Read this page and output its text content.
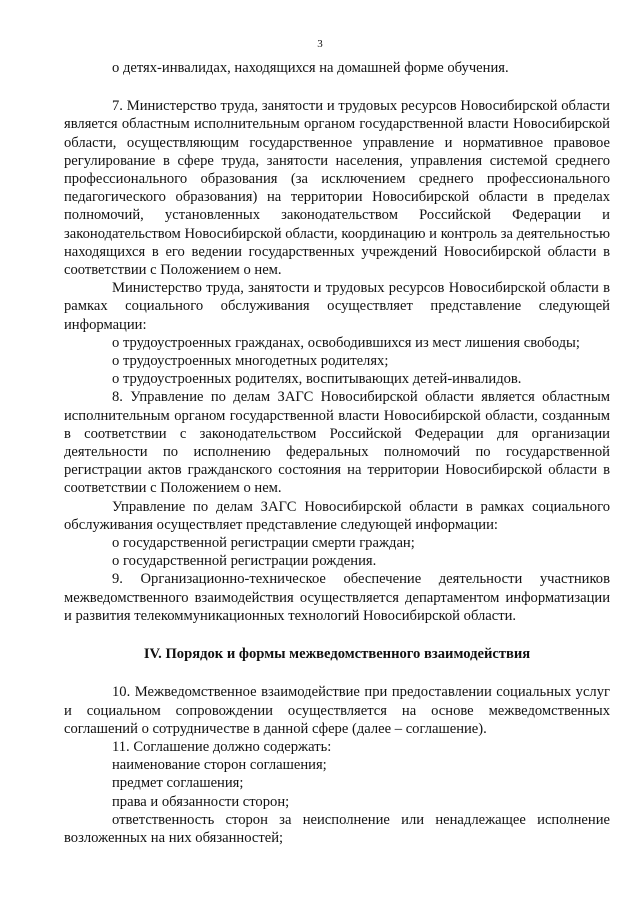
3

о детях-инвалидах, находящихся на домашней форме обучения.

7. Министерство труда, занятости и трудовых ресурсов Новосибирской области является областным исполнительным органом государственной власти Новосибирской области, осуществляющим государственное управление и нормативное правовое регулирование в сфере труда, занятости населения, управления системой среднего профессионального образования (за исключением среднего профессионального педагогического образования) на территории Новосибирской области в пределах полномочий, установленных законодательством Российской Федерации и законодательством Новосибирской области, координацию и контроль за деятельностью находящихся в его ведении государственных учреждений Новосибирской области в соответствии с Положением о нем.

Министерство труда, занятости и трудовых ресурсов Новосибирской области в рамках социального обслуживания осуществляет представление следующей информации:

о трудоустроенных гражданах, освободившихся из мест лишения свободы;

о трудоустроенных многодетных родителях;

о трудоустроенных родителях, воспитывающих детей-инвалидов.

8. Управление по делам ЗАГС Новосибирской области является областным исполнительным органом государственной власти Новосибирской области, созданным в соответствии с законодательством Российской Федерации для организации деятельности по исполнению федеральных полномочий по государственной регистрации актов гражданского состояния на территории Новосибирской области в соответствии с Положением о нем.

Управление по делам ЗАГС Новосибирской области в рамках социального обслуживания осуществляет представление следующей информации:

о государственной регистрации смерти граждан;

о государственной регистрации рождения.

9. Организационно-техническое обеспечение деятельности участников межведомственного взаимодействия осуществляется департаментом информатизации и развития телекоммуникационных технологий Новосибирской области.

IV. Порядок и формы межведомственного взаимодействия

10. Межведомственное взаимодействие при предоставлении социальных услуг и социальном сопровождении осуществляется на основе межведомственных соглашений о сотрудничестве в данной сфере (далее – соглашение).

11. Соглашение должно содержать:

наименование сторон соглашения;

предмет соглашения;

права и обязанности сторон;

ответственность сторон за неисполнение или ненадлежащее исполнение возложенных на них обязанностей;
